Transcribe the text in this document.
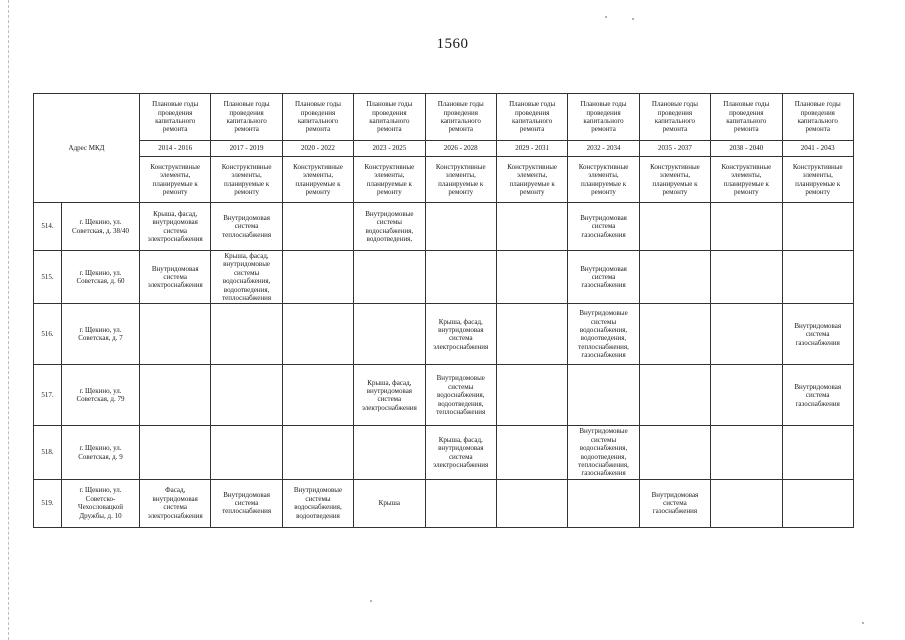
1560
Адрес МКД		Плановые годы проведения капитального ремонта	Плановые годы проведения капитального ремонта	Плановые годы проведения капитального ремонта	Плановые годы проведения капитального ремонта	Плановые годы проведения капитального ремонта	Плановые годы проведения капитального ремонта	Плановые годы проведения капитального ремонта	Плановые годы проведения капитального ремонта	Плановые годы проведения капитального ремонта	Плановые годы проведения капитального ремонта
		2014 - 2016	2017 - 2019	2020 - 2022	2023 - 2025	2026 - 2028	2029 - 2031	2032 - 2034	2035 - 2037	2038 - 2040	2041 - 2043
		Конструктивные элементы, планируемые к ремонту	Конструктивные элементы, планируемые к ремонту	Конструктивные элементы, планируемые к ремонту	Конструктивные элементы, планируемые к ремонту	Конструктивные элементы, планируемые к ремонту	Конструктивные элементы, планируемые к ремонту	Конструктивные элементы, планируемые к ремонту	Конструктивные элементы, планируемые к ремонту	Конструктивные элементы, планируемые к ремонту	Конструктивные элементы, планируемые к ремонту
514.	г. Щекино, ул. Советская, д. 38/40	Крыша, фасад, внутридомовая система электроснабжения	Внутридомовая система теплоснабжения		Внутридомовые системы водоснабжения, водоотведения,			Внутридомовая система газоснабжения			
515.	г. Щекино, ул. Советская, д. 60	Внутридомовая система электроснабжения	Крыша, фасад, внутридомовые системы водоснабжения, водоотведения, теплоснабжения					Внутридомовая система газоснабжения			
516.	г. Щекино, ул. Советская, д. 7					Крыша, фасад, внутридомовая система электроснабжения		Внутридомовые системы водоснабжения, водоотведения, теплоснабжения, газоснабжения			Внутридомовая система газоснабжения
517.	г. Щекино, ул. Советская, д. 79				Крыша, фасад, внутридомовая система электроснабжения	Внутридомовые системы водоснабжения, водоотведения, теплоснабжения					Внутридомовая система газоснабжения
518.	г. Щекино, ул. Советская, д. 9					Крыша, фасад, внутридомовая система электроснабжения		Внутридомовые системы водоснабжения, водоотведения, теплоснабжения, газоснабжения			
519.	г. Щекино, ул. Советско-Чехословацкой Дружбы, д. 10	Фасад, внутридомовая система электроснабжения	Внутридомовая система теплоснабжения	Внутридомовые системы водоснабжения, водоотведения	Крыша				Внутридомовая система газоснабжения		
